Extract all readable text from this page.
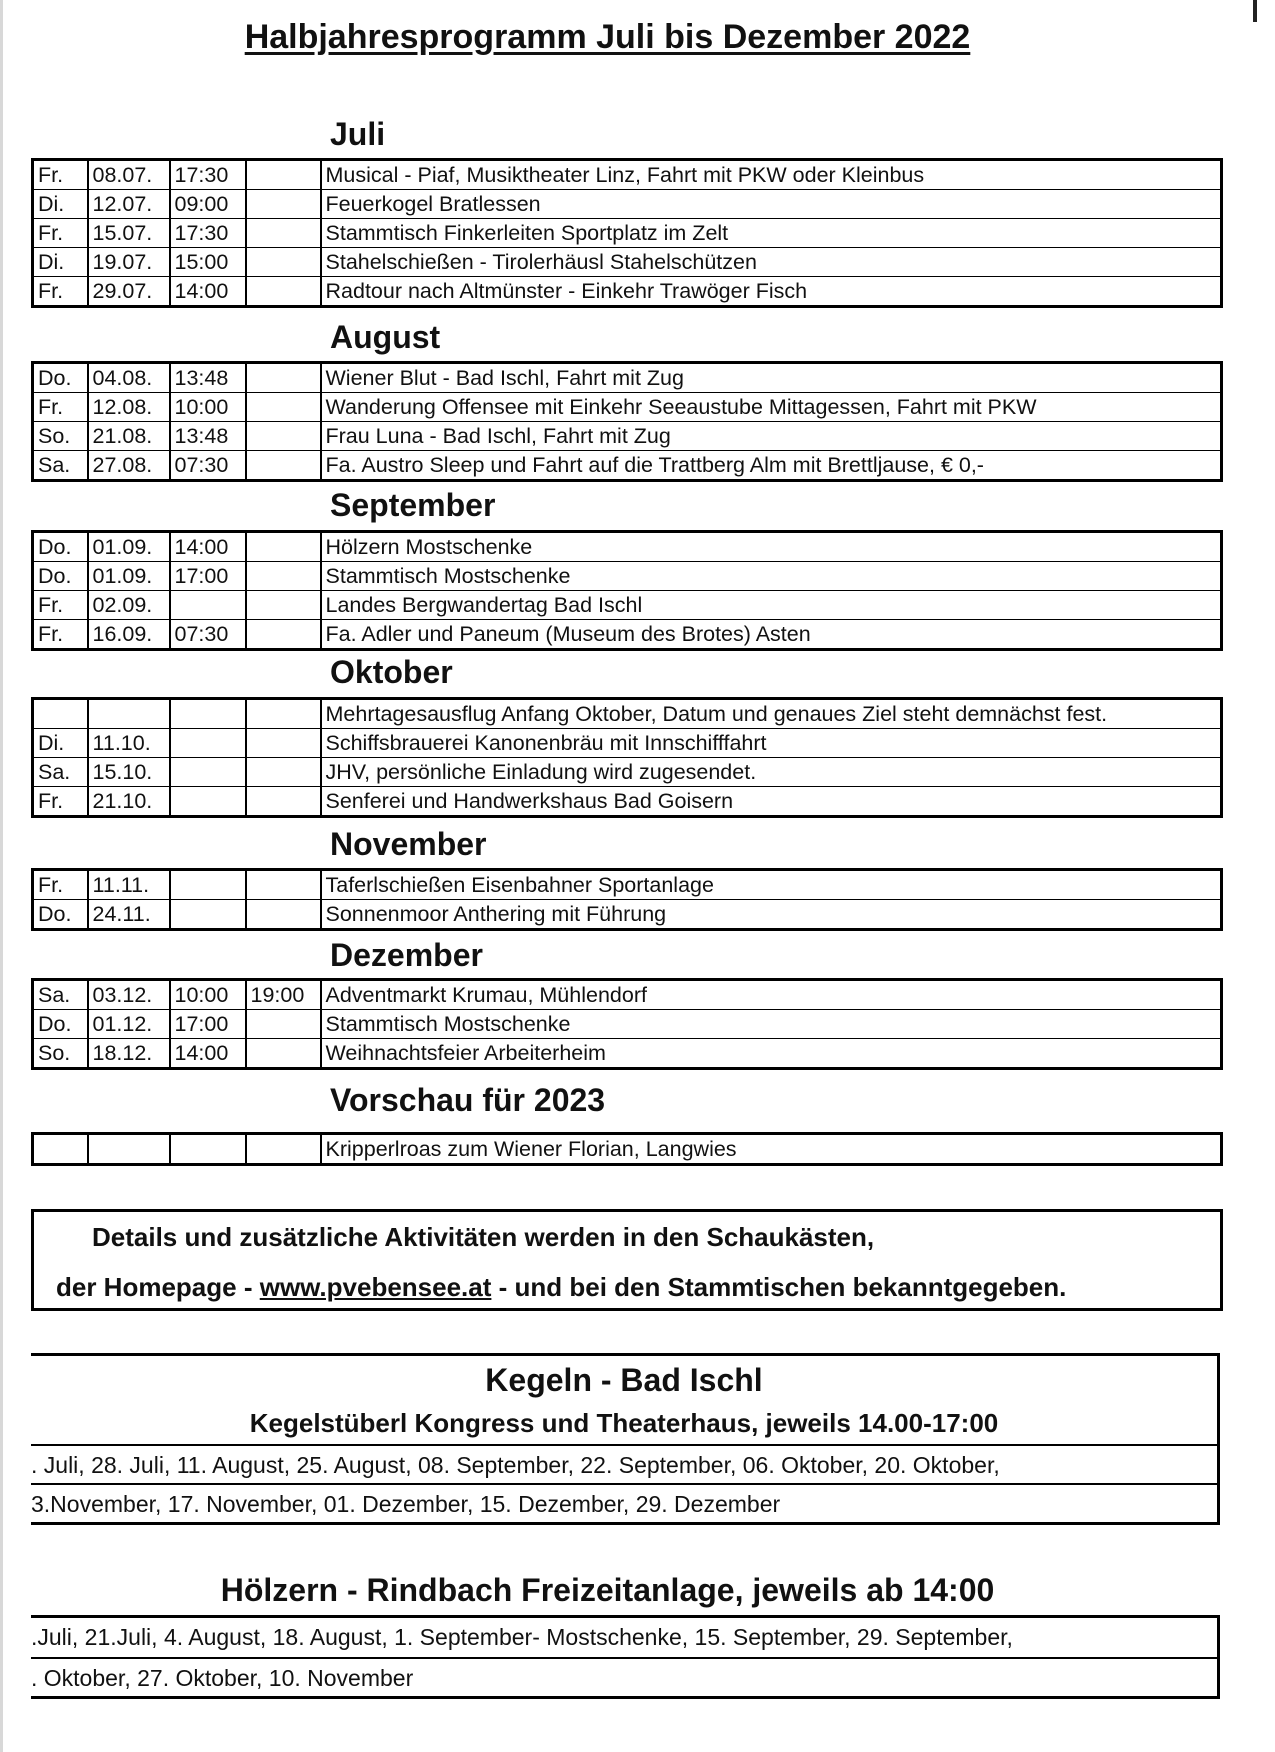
Halbjahresprogramm Juli bis Dezember 2022
Juli
Fr.	08.07.	17:30		Musical - Piaf, Musiktheater Linz, Fahrt mit PKW oder Kleinbus
Di.	12.07.	09:00		Feuerkogel Bratlessen
Fr.	15.07.	17:30		Stammtisch Finkerleiten Sportplatz im Zelt
Di.	19.07.	15:00		Stahelschießen - Tirolerhäusl Stahelschützen
Fr.	29.07.	14:00		Radtour nach Altmünster - Einkehr Trawöger Fisch
August
Do.	04.08.	13:48		Wiener Blut - Bad Ischl, Fahrt mit Zug
Fr.	12.08.	10:00		Wanderung Offensee mit Einkehr Seeaustube Mittagessen, Fahrt mit PKW
So.	21.08.	13:48		Frau Luna - Bad Ischl, Fahrt mit Zug
Sa.	27.08.	07:30		Fa. Austro Sleep und Fahrt auf die Trattberg Alm mit Brettljause, € 0,-
September
Do.	01.09.	14:00		Hölzern Mostschenke
Do.	01.09.	17:00		Stammtisch Mostschenke
Fr.	02.09.			Landes Bergwandertag Bad Ischl
Fr.	16.09.	07:30		Fa. Adler und Paneum (Museum des Brotes) Asten
Oktober
				Mehrtagesausflug Anfang Oktober, Datum und genaues Ziel steht demnächst fest.
Di.	11.10.			Schiffsbrauerei Kanonenbräu mit Innschifffahrt
Sa.	15.10.			JHV, persönliche Einladung wird zugesendet.
Fr.	21.10.			Senferei und Handwerkshaus Bad Goisern
November
Fr.	11.11.			Taferlschießen Eisenbahner Sportanlage
Do.	24.11.			Sonnenmoor Anthering mit Führung
Dezember
Sa.	03.12.	10:00	19:00	Adventmarkt Krumau, Mühlendorf
Do.	01.12.	17:00		Stammtisch Mostschenke
So.	18.12.	14:00		Weihnachtsfeier Arbeiterheim
Vorschau für 2023
				Kripperlroas zum Wiener Florian, Langwies
Details und zusätzliche Aktivitäten werden in den Schaukästen,
der Homepage - www.pvebensee.at - und bei den Stammtischen bekanntgegeben.
Kegeln - Bad Ischl
Kegelstüberl Kongress und Theaterhaus, jeweils 14.00-17:00
. Juli, 28. Juli, 11. August, 25. August, 08. September, 22. September, 06. Oktober, 20. Oktober,
3.November, 17. November, 01. Dezember, 15. Dezember, 29. Dezember
Hölzern - Rindbach Freizeitanlage, jeweils ab 14:00
.Juli, 21.Juli, 4. August, 18. August, 1. September- Mostschenke, 15. September, 29. September,
. Oktober, 27. Oktober, 10. November
